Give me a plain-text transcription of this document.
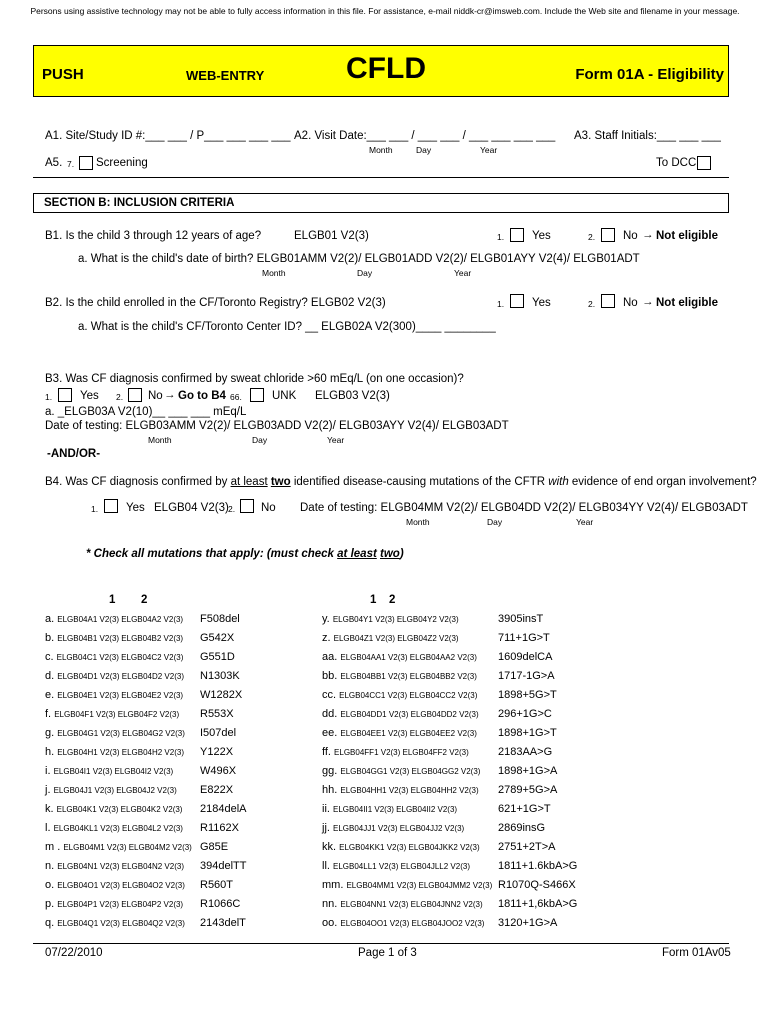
Persons using assistive technology may not be able to fully access information in this file. For assistance, e-mail niddk-cr@imsweb.com. Include the Web site and filename in your message.
PUSH	WEB-ENTRY	CFLD	Form 01A - Eligibility
A1. Site/Study ID #:___ ___ / P___ ___ ___ ___ A2. Visit Date:___ ___ / ___ ___ / ___ ___ ___ ___
Month	Day	Year
A3. Staff Initials:___ ___ ___
A5. 7. Screening	To DCC
SECTION B: INCLUSION CRITERIA
B1. Is the child 3 through 12 years of age?	ELGB01 V2(3)	1. Yes	2. No → Not eligible
a. What is the child's date of birth? ELGB01AMM V2(2)/ ELGB01ADD V2(2)/ ELGB01AYY V2(4)/ ELGB01ADT
Month	Day	Year
B2. Is the child enrolled in the CF/Toronto Registry? ELGB02 V2(3)	1. Yes	2. No → Not eligible
a. What is the child's CF/Toronto Center ID? __ ELGB02A V2(300)____ ________
B3. Was CF diagnosis confirmed by sweat chloride >60 mEq/L (on one occasion)?
1. Yes 2. No → Go to B4 66.	UNK ELGB03 V2(3)
a. _ELGB03A V2(10)__ ___ ___ mEq/L
Date of testing: ELGB03AMM V2(2)/ ELGB03ADD V2(2)/ ELGB03AYY V2(4)/ ELGB03ADT
Month	Day	Year
-AND/OR-
B4. Was CF diagnosis confirmed by at least two identified disease-causing mutations of the CFTR with evidence of end organ involvement?
1. Yes ELGB04 V2(3) 2. No Date of testing: ELGB04MM V2(2)/ ELGB04DD V2(2)/ ELGB034YY V2(4)/ ELGB03ADT
Month	Day	Year
* Check all mutations that apply: (must check at least two)
1 2	1 2
a. ELGB04A1 V2(3) ELGB04A2 V2(3) F508del
b. ELGB04B1 V2(3) ELGB04B2 V2(3) G542X
c. ELGB04C1 V2(3) ELGB04C2 V2(3) G551D
d. ELGB04D1 V2(3) ELGB04D2 V2(3) N1303K
e. ELGB04E1 V2(3) ELGB04E2 V2(3) W1282X
f. ELGB04F1 V2(3) ELGB04F2 V2(3) R553X
g. ELGB04G1 V2(3) ELGB04G2 V2(3) I507del
h. ELGB04H1 V2(3) ELGB04H2 V2(3) Y122X
i. ELGB04I1 V2(3) ELGB04I2 V2(3) W496X
j. ELGB04J1 V2(3) ELGB04J2 V2(3) E822X
k. ELGB04K1 V2(3) ELGB04K2 V2(3) 2184delA
l. ELGB04KL1 V2(3) ELGB04L2 V2(3) R1162X
m . ELGB04M1 V2(3) ELGB04M2 V2(3) G85E
n. ELGB04N1 V2(3) ELGB04N2 V2(3) 394delTT
o. ELGB04O1 V2(3) ELGB04O2 V2(3) R560T
p. ELGB04P1 V2(3) ELGB04P2 V2(3) R1066C
q. ELGB04Q1 V2(3) ELGB04Q2 V2(3) 2143delT
y. ELGB04Y1 V2(3) ELGB04Y2 V2(3)	3905insT
z. ELGB04Z1 V2(3) ELGB04Z2 V2(3)	711+1G>T
aa. ELGB04AA1 V2(3) ELGB04AA2 V2(3) 1609delCA
bb. ELGB04BB1 V2(3) ELGB04BB2 V2(3) 1717-1G>A
cc. ELGB04CC1 V2(3) ELGB04CC2 V2(3) 1898+5G>T
dd. ELGB04DD1 V2(3) ELGB04DD2 V2(3) 296+1G>C
ee. ELGB04EE1 V2(3) ELGB04EE2 V2(3) 1898+1G>T
ff. ELGB04FF1 V2(3) ELGB04FF2 V2(3)	2183AA>G
gg. ELGB04GG1 V2(3) ELGB04GG2 V2(3) 1898+1G>A
hh. ELGB04HH1 V2(3) ELGB04HH2 V2(3) 2789+5G>A
ii. ELGB04II1 V2(3) ELGB04II2 V2(3)	621+1G>T
jj. ELGB04JJ1 V2(3) ELGB04JJ2 V2(3)	2869insG
kk. ELGB04KK1 V2(3) ELGB04JKK2 V2(3) 2751+2T>A
ll. ELGB04LL1 V2(3) ELGB04JLL2 V2(3)	1811+1.6kbA>G
mm. ELGB04MM1 V2(3) ELGB04JMM2 V2(3) R1070Q-S466X
nn. ELGB04NN1 V2(3) ELGB04JNN2 V2(3) 1811+1,6kbA>G
oo. ELGB04OO1 V2(3) ELGB04JOO2 V2(3) 3120+1G>A
07/22/2010	Page 1 of 3	Form 01Av05
